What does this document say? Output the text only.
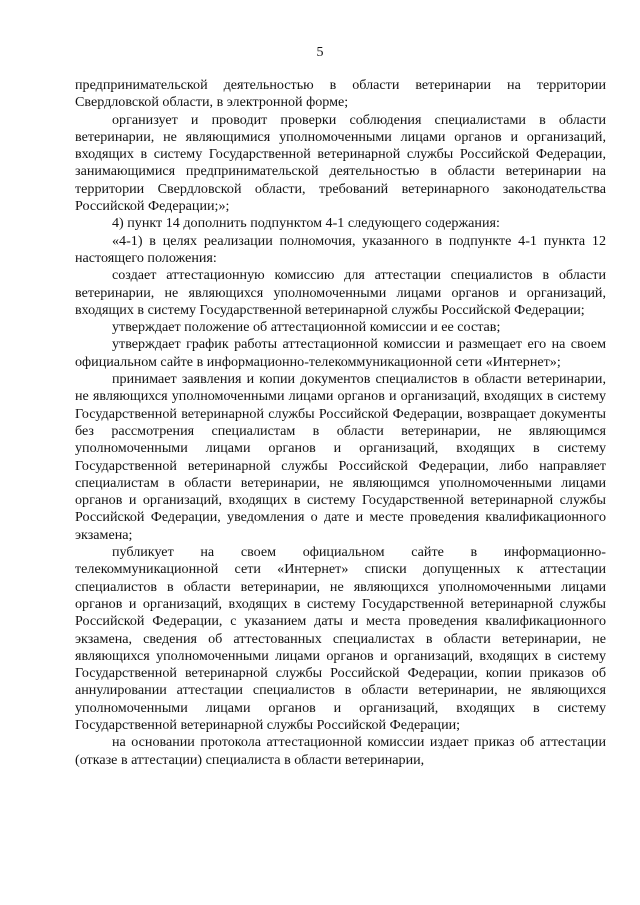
5

предпринимательской деятельностью в области ветеринарии на территории Свердловской области, в электронной форме;

организует и проводит проверки соблюдения специалистами в области ветеринарии, не являющимися уполномоченными лицами органов и организаций, входящих в систему Государственной ветеринарной службы Российской Федерации, занимающимися предпринимательской деятельностью в области ветеринарии на территории Свердловской области, требований ветеринарного законодательства Российской Федерации;»;

4) пункт 14 дополнить подпунктом 4-1 следующего содержания:

«4-1) в целях реализации полномочия, указанного в подпункте 4-1 пункта 12 настоящего положения:

создает аттестационную комиссию для аттестации специалистов в области ветеринарии, не являющихся уполномоченными лицами органов и организаций, входящих в систему Государственной ветеринарной службы Российской Федерации;

утверждает положение об аттестационной комиссии и ее состав;

утверждает график работы аттестационной комиссии и размещает его на своем официальном сайте в информационно-телекоммуникационной сети «Интернет»;

принимает заявления и копии документов специалистов в области ветеринарии, не являющихся уполномоченными лицами органов и организаций, входящих в систему Государственной ветеринарной службы Российской Федерации, возвращает документы без рассмотрения специалистам в области ветеринарии, не являющимся уполномоченными лицами органов и организаций, входящих в систему Государственной ветеринарной службы Российской Федерации, либо направляет специалистам в области ветеринарии, не являющимся уполномоченными лицами органов и организаций, входящих в систему Государственной ветеринарной службы Российской Федерации, уведомления о дате и месте проведения квалификационного экзамена;

публикует на своем официальном сайте в информационно-телекоммуникационной сети «Интернет» списки допущенных к аттестации специалистов в области ветеринарии, не являющихся уполномоченными лицами органов и организаций, входящих в систему Государственной ветеринарной службы Российской Федерации, с указанием даты и места проведения квалификационного экзамена, сведения об аттестованных специалистах в области ветеринарии, не являющихся уполномоченными лицами органов и организаций, входящих в систему Государственной ветеринарной службы Российской Федерации, копии приказов об аннулировании аттестации специалистов в области ветеринарии, не являющихся уполномоченными лицами органов и организаций, входящих в систему Государственной ветеринарной службы Российской Федерации;

на основании протокола аттестационной комиссии издает приказ об аттестации (отказе в аттестации) специалиста в области ветеринарии,
